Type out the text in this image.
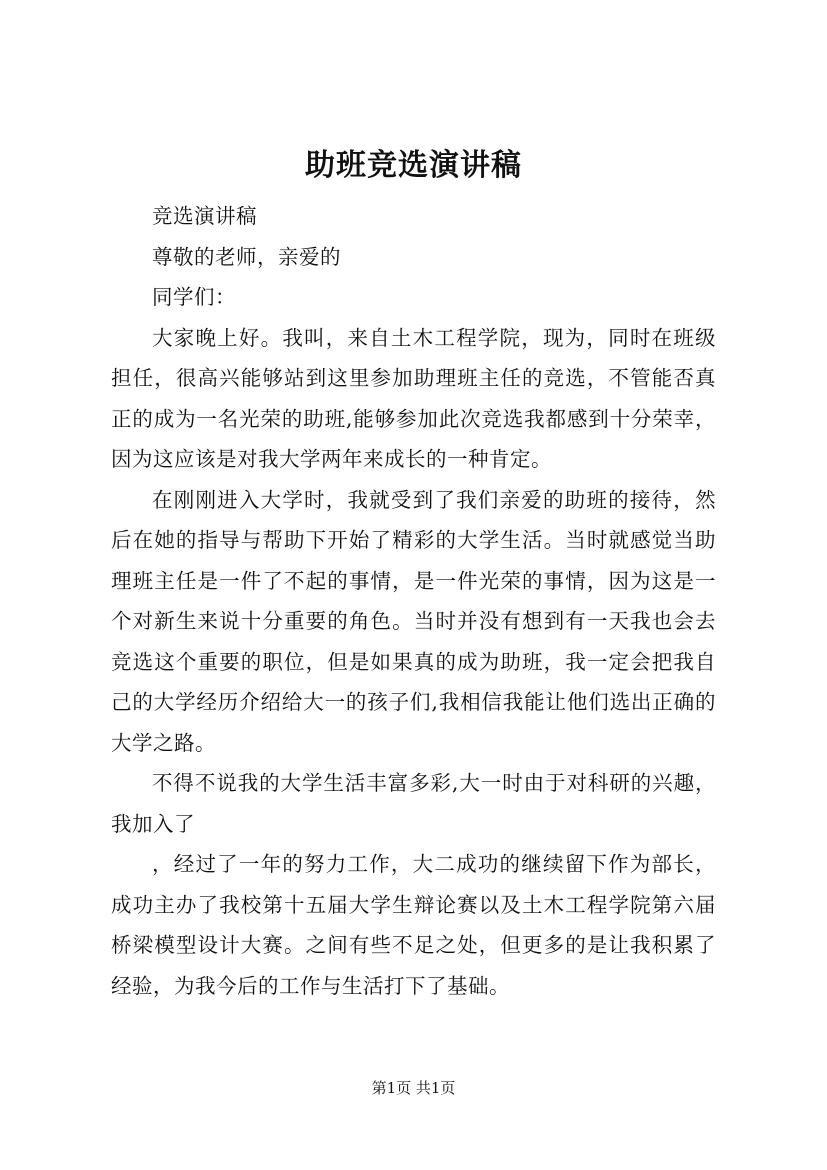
助班竞选演讲稿

竞选演讲稿

尊敬的老师，亲爱的

同学们：

大家晚上好。我叫，来自土木工程学院，现为，同时在班级担任，很高兴能够站到这里参加助理班主任的竞选，不管能否真正的成为一名光荣的助班,能够参加此次竞选我都感到十分荣幸，因为这应该是对我大学两年来成长的一种肯定。

在刚刚进入大学时，我就受到了我们亲爱的助班的接待，然后在她的指导与帮助下开始了精彩的大学生活。当时就感觉当助理班主任是一件了不起的事情，是一件光荣的事情，因为这是一个对新生来说十分重要的角色。当时并没有想到有一天我也会去竞选这个重要的职位，但是如果真的成为助班，我一定会把我自己的大学经历介绍给大一的孩子们,我相信我能让他们选出正确的大学之路。

不得不说我的大学生活丰富多彩,大一时由于对科研的兴趣，我加入了

，经过了一年的努力工作，大二成功的继续留下作为部长，成功主办了我校第十五届大学生辩论赛以及土木工程学院第六届桥梁模型设计大赛。之间有些不足之处，但更多的是让我积累了经验，为我今后的工作与生活打下了基础。

第1页 共1页
